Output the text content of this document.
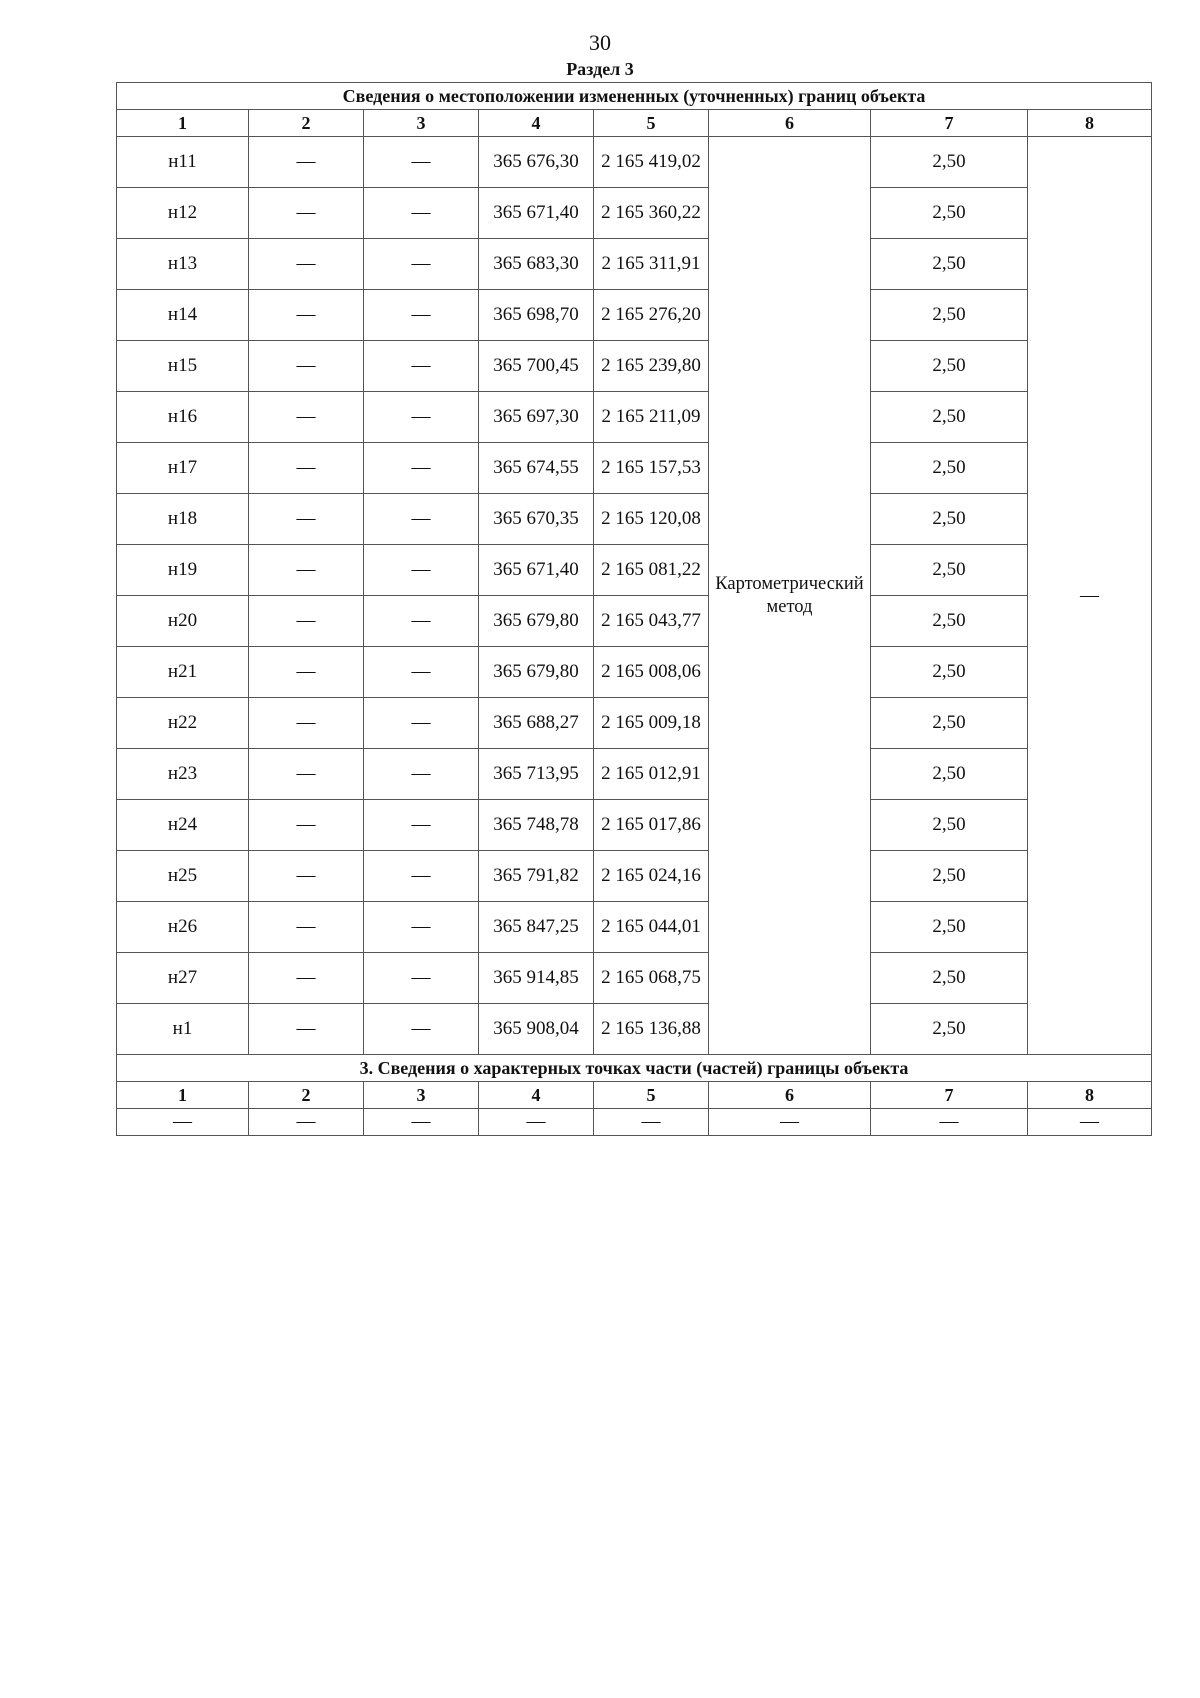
30
Раздел 3
Сведения о местоположении измененных (уточненных) границ объекта							
1	2	3	4	5	6	7	8
н11	—	—	365 676,30	2 165 419,02	Картометрический метод	2,50	—
н12	—	—	365 671,40	2 165 360,22		2,50	
н13	—	—	365 683,30	2 165 311,91		2,50	
н14	—	—	365 698,70	2 165 276,20		2,50	
н15	—	—	365 700,45	2 165 239,80		2,50	
н16	—	—	365 697,30	2 165 211,09		2,50	
н17	—	—	365 674,55	2 165 157,53		2,50	
н18	—	—	365 670,35	2 165 120,08		2,50	
н19	—	—	365 671,40	2 165 081,22		2,50	
н20	—	—	365 679,80	2 165 043,77		2,50	
н21	—	—	365 679,80	2 165 008,06		2,50	
н22	—	—	365 688,27	2 165 009,18		2,50	
н23	—	—	365 713,95	2 165 012,91		2,50	
н24	—	—	365 748,78	2 165 017,86		2,50	
н25	—	—	365 791,82	2 165 024,16		2,50	
н26	—	—	365 847,25	2 165 044,01		2,50	
н27	—	—	365 914,85	2 165 068,75		2,50	
н1	—	—	365 908,04	2 165 136,88		2,50	
3. Сведения о характерных точках части (частей) границы объекта							
1	2	3	4	5	6	7	8
—	—	—	—	—	—	—	—
